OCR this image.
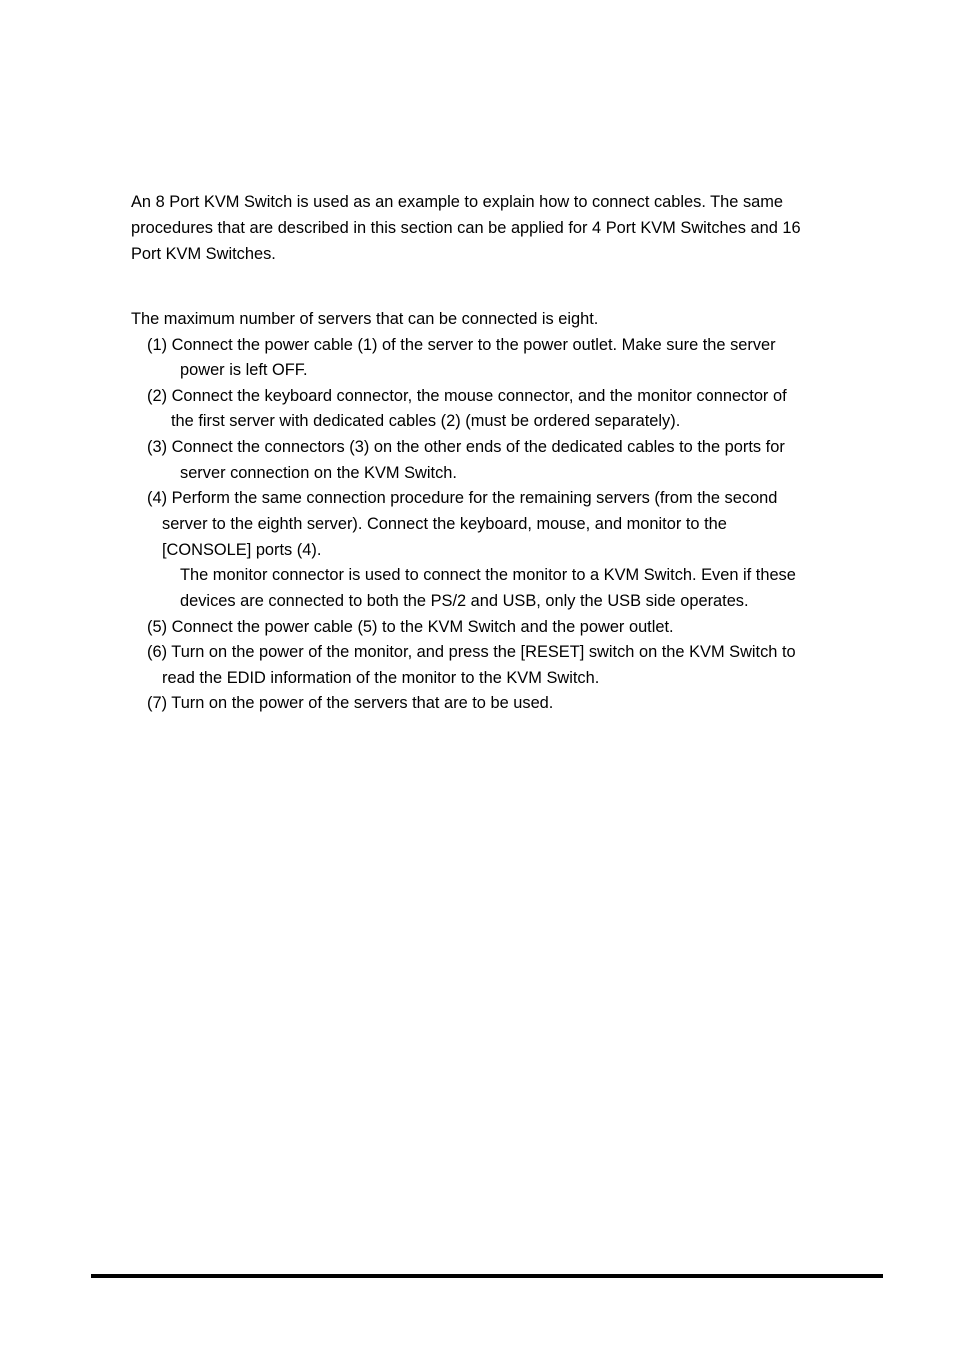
An 8 Port KVM Switch is used as an example to explain how to connect cables. The same
procedures that are described in this section can be applied for 4 Port KVM Switches and 16
Port KVM Switches.
The maximum number of servers that can be connected is eight.
(1) Connect the power cable (1) of the server to the power outlet. Make sure the server
power is left OFF.
(2) Connect the keyboard connector, the mouse connector, and the monitor connector of
the first server with dedicated cables (2) (must be ordered separately).
(3) Connect the connectors (3) on the other ends of the dedicated cables to the ports for
server connection on the KVM Switch.
(4) Perform the same connection procedure for the remaining servers (from the second
server to the eighth server). Connect the keyboard, mouse, and monitor to the
[CONSOLE] ports (4).
The monitor connector is used to connect the monitor to a KVM Switch. Even if these
devices are connected to both the PS/2 and USB, only the USB side operates.
(5) Connect the power cable (5) to the KVM Switch and the power outlet.
(6) Turn on the power of the monitor, and press the [RESET] switch on the KVM Switch to
read the EDID information of the monitor to the KVM Switch.
(7) Turn on the power of the servers that are to be used.
